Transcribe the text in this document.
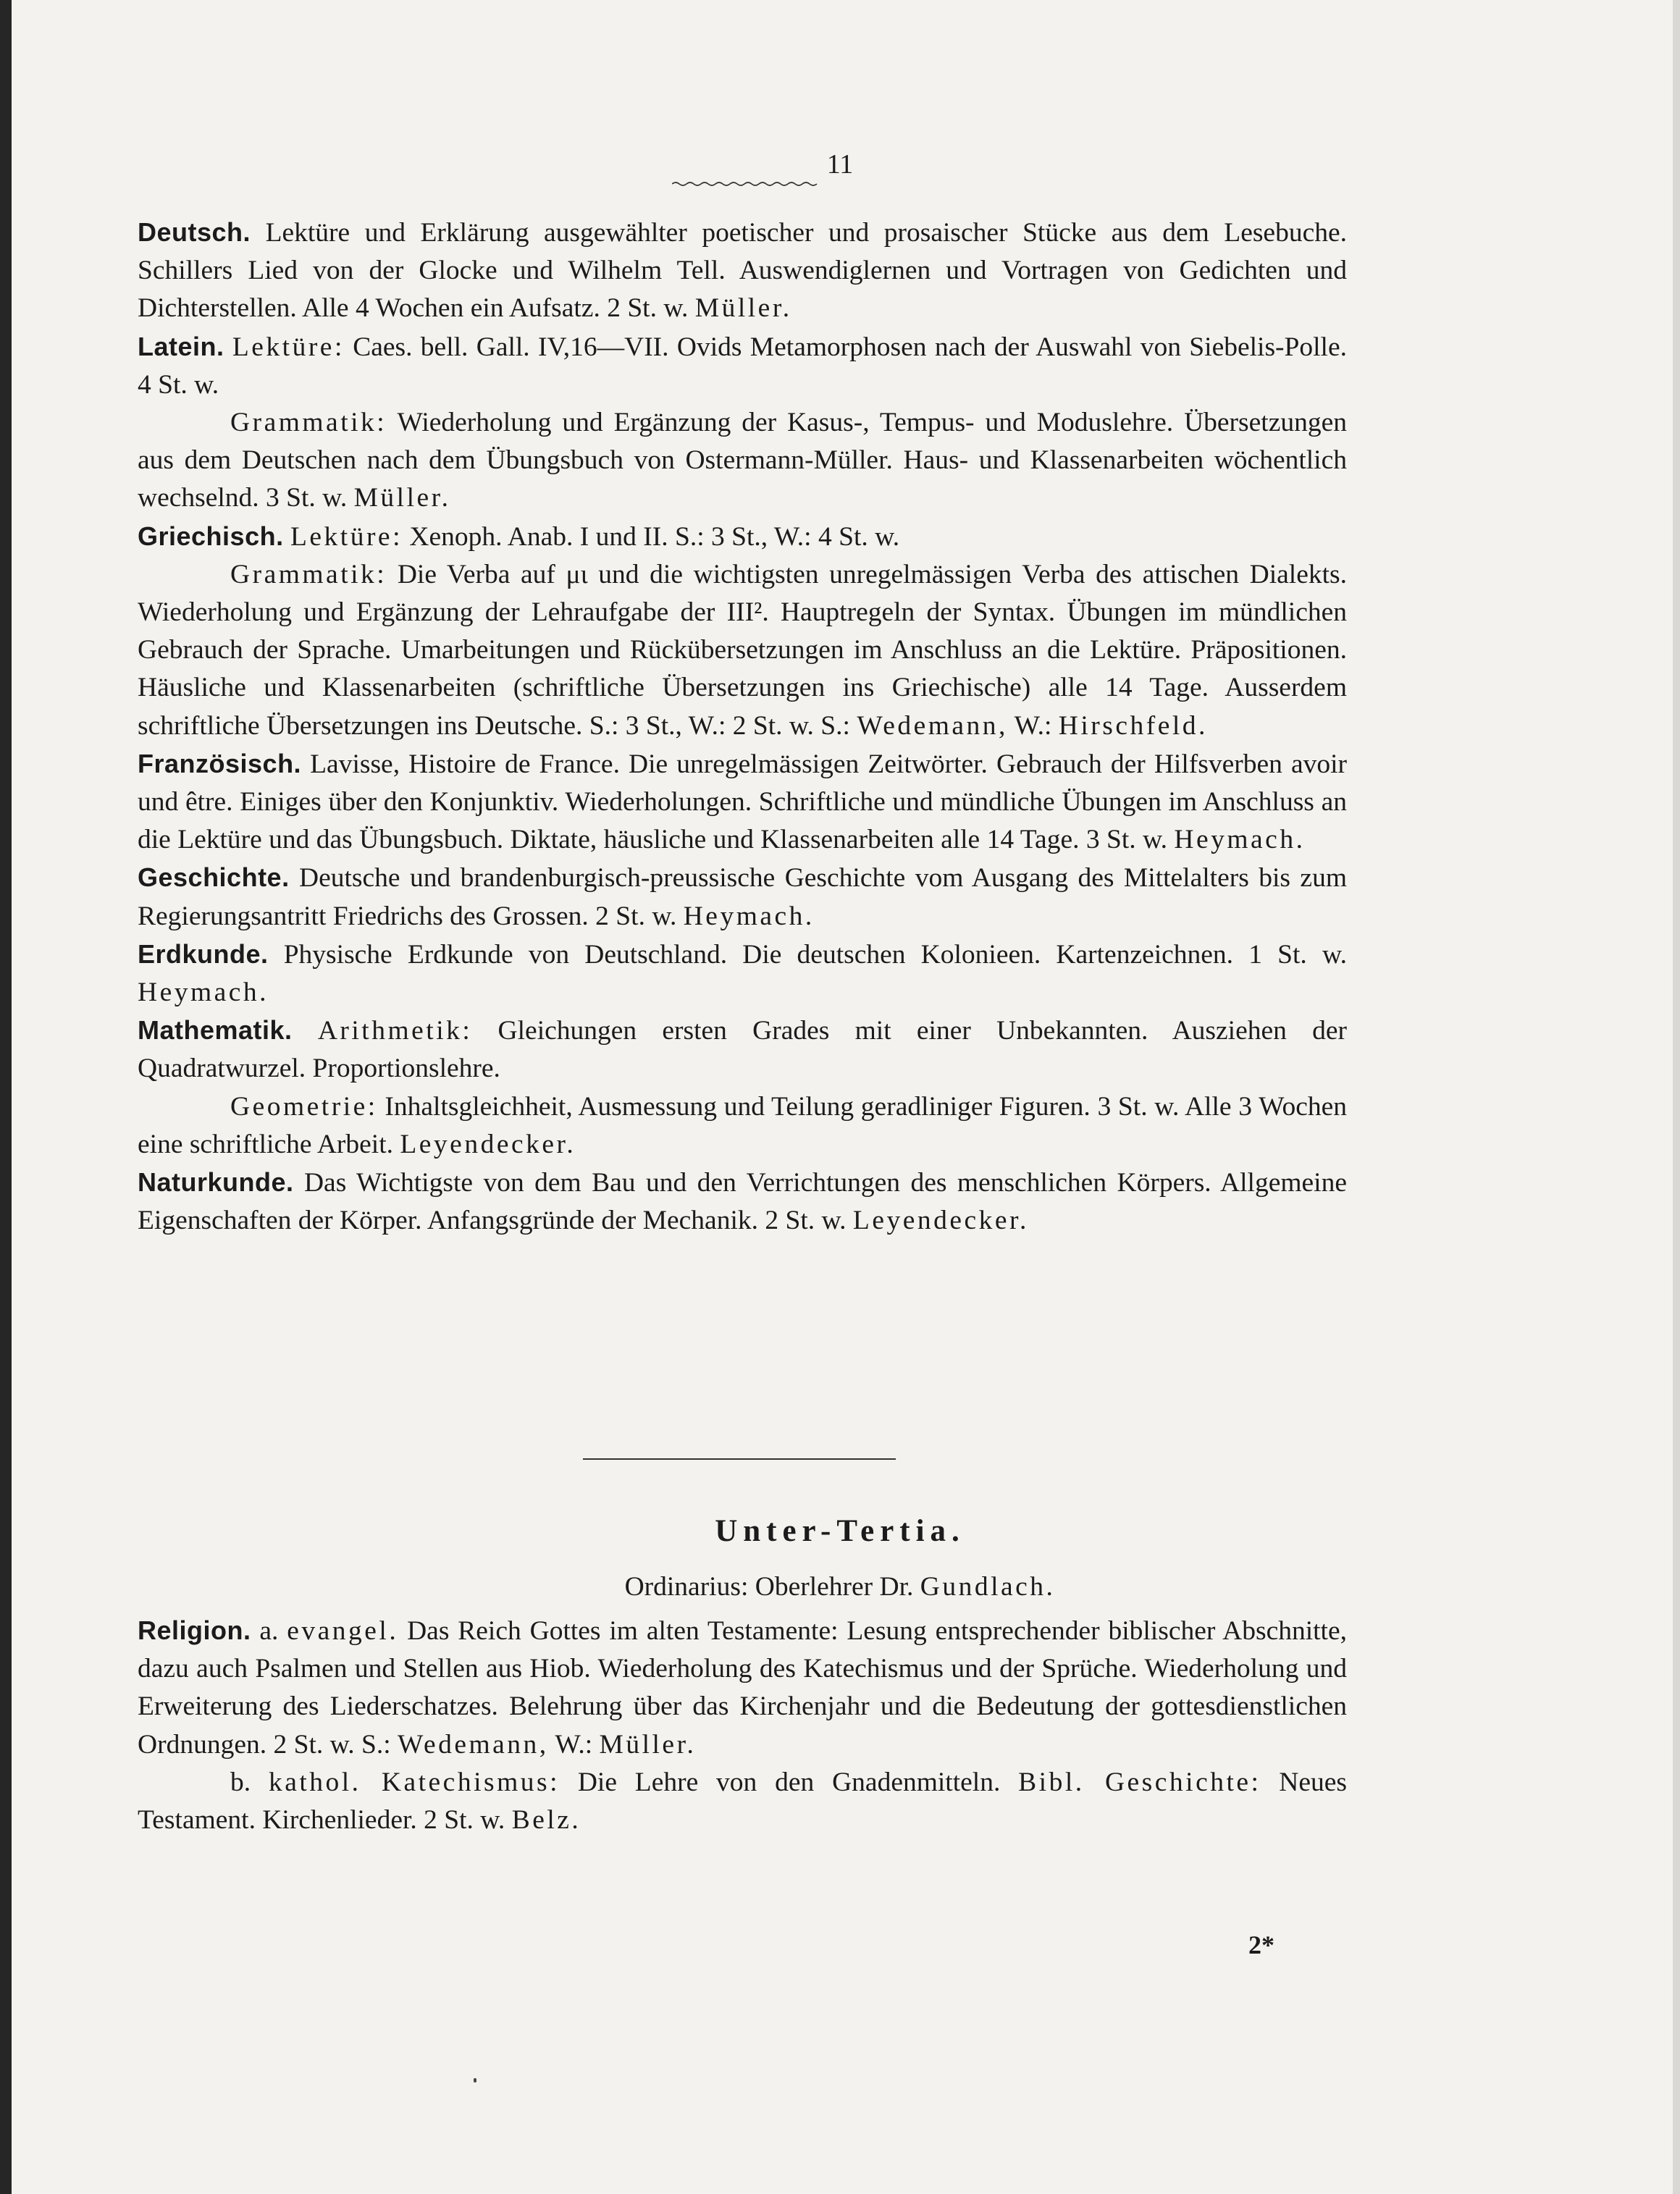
11

Deutsch. Lektüre und Erklärung ausgewählter poetischer und prosaischer Stücke aus dem Lesebuche. Schillers Lied von der Glocke und Wilhelm Tell. Auswendiglernen und Vortragen von Gedichten und Dichterstellen. Alle 4 Wochen ein Aufsatz. 2 St. w. Müller.

Latein. Lektüre: Caes. bell. Gall. IV,16—VII. Ovids Metamorphosen nach der Auswahl von Siebelis-Polle. 4 St. w.

Grammatik: Wiederholung und Ergänzung der Kasus-, Tempus- und Moduslehre. Übersetzungen aus dem Deutschen nach dem Übungsbuch von Ostermann-Müller. Haus- und Klassenarbeiten wöchentlich wechselnd. 3 St. w. Müller.

Griechisch. Lektüre: Xenoph. Anab. I und II. S.: 3 St., W.: 4 St. w.

Grammatik: Die Verba auf μι und die wichtigsten unregelmässigen Verba des attischen Dialekts. Wiederholung und Ergänzung der Lehraufgabe der III². Hauptregeln der Syntax. Übungen im mündlichen Gebrauch der Sprache. Umarbeitungen und Rückübersetzungen im Anschluss an die Lektüre. Präpositionen. Häusliche und Klassenarbeiten (schriftliche Übersetzungen ins Griechische) alle 14 Tage. Ausserdem schriftliche Übersetzungen ins Deutsche. S.: 3 St., W.: 2 St. w. S.: Wedemann, W.: Hirschfeld.

Französisch. Lavisse, Histoire de France. Die unregelmässigen Zeitwörter. Gebrauch der Hilfsverben avoir und être. Einiges über den Konjunktiv. Wiederholungen. Schriftliche und mündliche Übungen im Anschluss an die Lektüre und das Übungsbuch. Diktate, häusliche und Klassenarbeiten alle 14 Tage. 3 St. w. Heymach.

Geschichte. Deutsche und brandenburgisch-preussische Geschichte vom Ausgang des Mittelalters bis zum Regierungsantritt Friedrichs des Grossen. 2 St. w. Heymach.

Erdkunde. Physische Erdkunde von Deutschland. Die deutschen Kolonieen. Kartenzeichnen. 1 St. w. Heymach.

Mathematik. Arithmetik: Gleichungen ersten Grades mit einer Unbekannten. Ausziehen der Quadratwurzel. Proportionslehre.

Geometrie: Inhaltsgleichheit, Ausmessung und Teilung geradliniger Figuren. 3 St. w. Alle 3 Wochen eine schriftliche Arbeit. Leyendecker.

Naturkunde. Das Wichtigste von dem Bau und den Verrichtungen des menschlichen Körpers. Allgemeine Eigenschaften der Körper. Anfangsgründe der Mechanik. 2 St. w. Leyendecker.

Unter-Tertia.
Ordinarius: Oberlehrer Dr. Gundlach.

Religion. a. evangel. Das Reich Gottes im alten Testamente: Lesung entsprechender biblischer Abschnitte, dazu auch Psalmen und Stellen aus Hiob. Wiederholung des Katechismus und der Sprüche. Wiederholung und Erweiterung des Liederschatzes. Belehrung über das Kirchenjahr und die Bedeutung der gottesdienstlichen Ordnungen. 2 St. w. S.: Wedemann, W.: Müller.

b. kathol. Katechismus: Die Lehre von den Gnadenmitteln. Bibl. Geschichte: Neues Testament. Kirchenlieder. 2 St. w. Belz.

2*
